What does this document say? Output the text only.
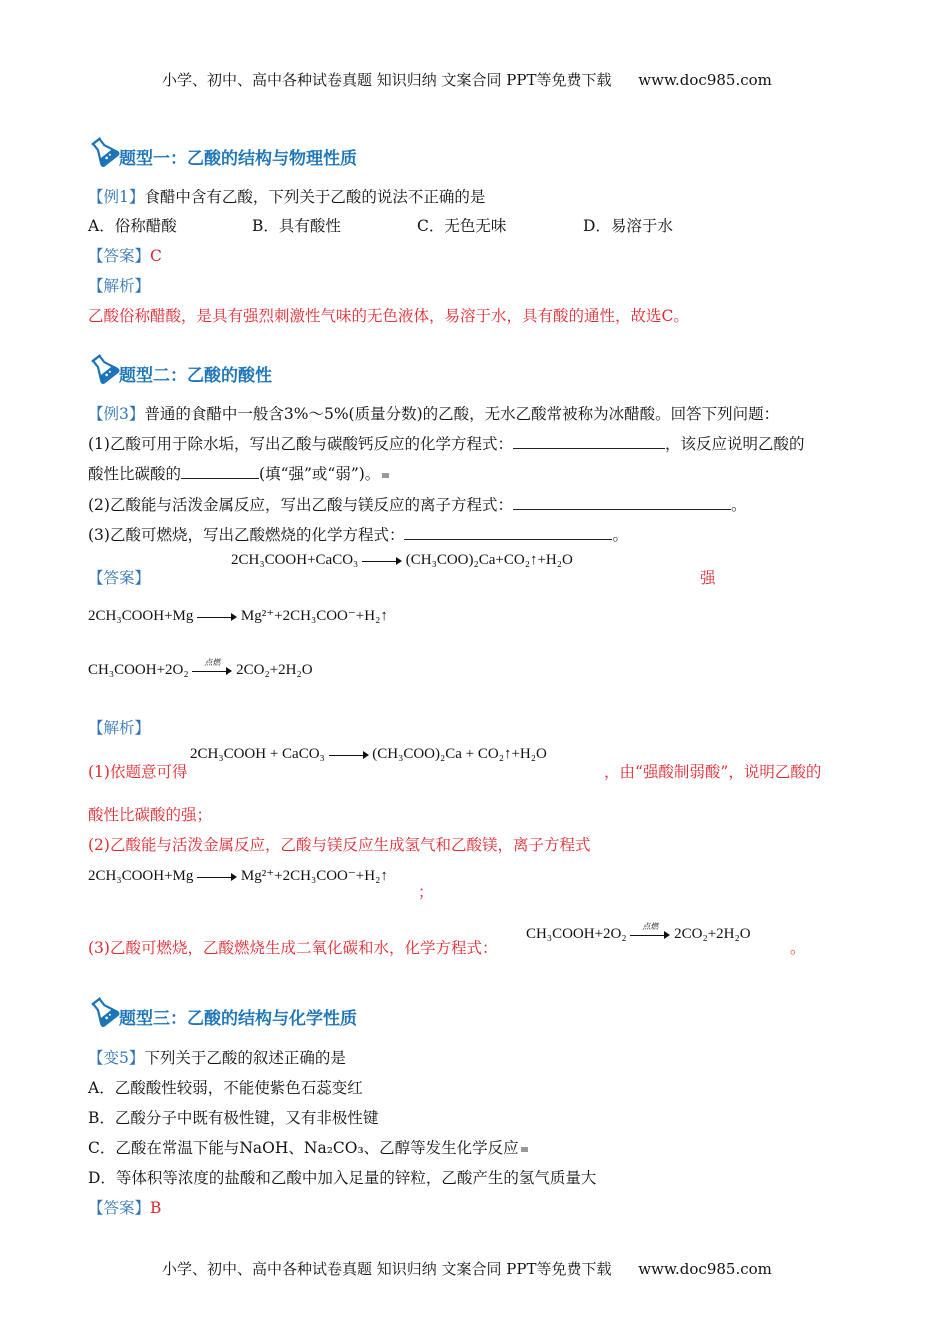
小学、初中、高中各种试卷真题 知识归纳 文案合同 PPT等免费下载 www.doc985.com
题型一：乙酸的结构与物理性质
【例1】食醋中含有乙酸，下列关于乙酸的说法不正确的是
A．俗称醋酸	B．具有酸性	C．无色无味	D．易溶于水
【答案】C
【解析】
乙酸俗称醋酸，是具有强烈刺激性气味的无色液体，易溶于水，具有酸的通性，故选C。
题型二：乙酸的酸性
【例3】普通的食醋中一般含3%～5%(质量分数)的乙酸，无水乙酸常被称为冰醋酸。回答下列问题：
(1)乙酸可用于除水垢，写出乙酸与碳酸钙反应的化学方程式：	，该反应说明乙酸的
酸性比碳酸的	(填“强”或“弱”)。
(2)乙酸能与活泼金属反应，写出乙酸与镁反应的离子方程式：	。
(3)乙酸可燃烧，写出乙酸燃烧的化学方程式：	。
【答案】
2CH₃COOH+CaCO₃	(CH₃COO)₂Ca+CO₂↑+H₂O
强
2CH₃COOH+Mg	Mg²⁺+2CH₃COO⁻+H₂↑
CH₃COOH+2O₂	点燃	2CO₂+2H₂O
【解析】
(1)依题意可得
2CH₃COOH + CaCO₃	(CH₃COO)₂Ca + CO₂↑+H₂O
，由“强酸制弱酸”，说明乙酸的
酸性比碳酸的强；
(2)乙酸能与活泼金属反应，乙酸与镁反应生成氢气和乙酸镁，离子方程式
2CH₃COOH+Mg	Mg²⁺+2CH₃COO⁻+H₂↑
；
(3)乙酸可燃烧，乙酸燃烧生成二氧化碳和水，化学方程式：
CH₃COOH+2O₂	点燃	2CO₂+2H₂O
。
题型三：乙酸的结构与化学性质
【变5】下列关于乙酸的叙述正确的是
A．乙酸酸性较弱，不能使紫色石蕊变红
B．乙酸分子中既有极性键，又有非极性键
C．乙酸在常温下能与NaOH、Na₂CO₃、乙醇等发生化学反应
D．等体积等浓度的盐酸和乙酸中加入足量的锌粒，乙酸产生的氢气质量大
【答案】B
小学、初中、高中各种试卷真题 知识归纳 文案合同 PPT等免费下载 www.doc985.com
